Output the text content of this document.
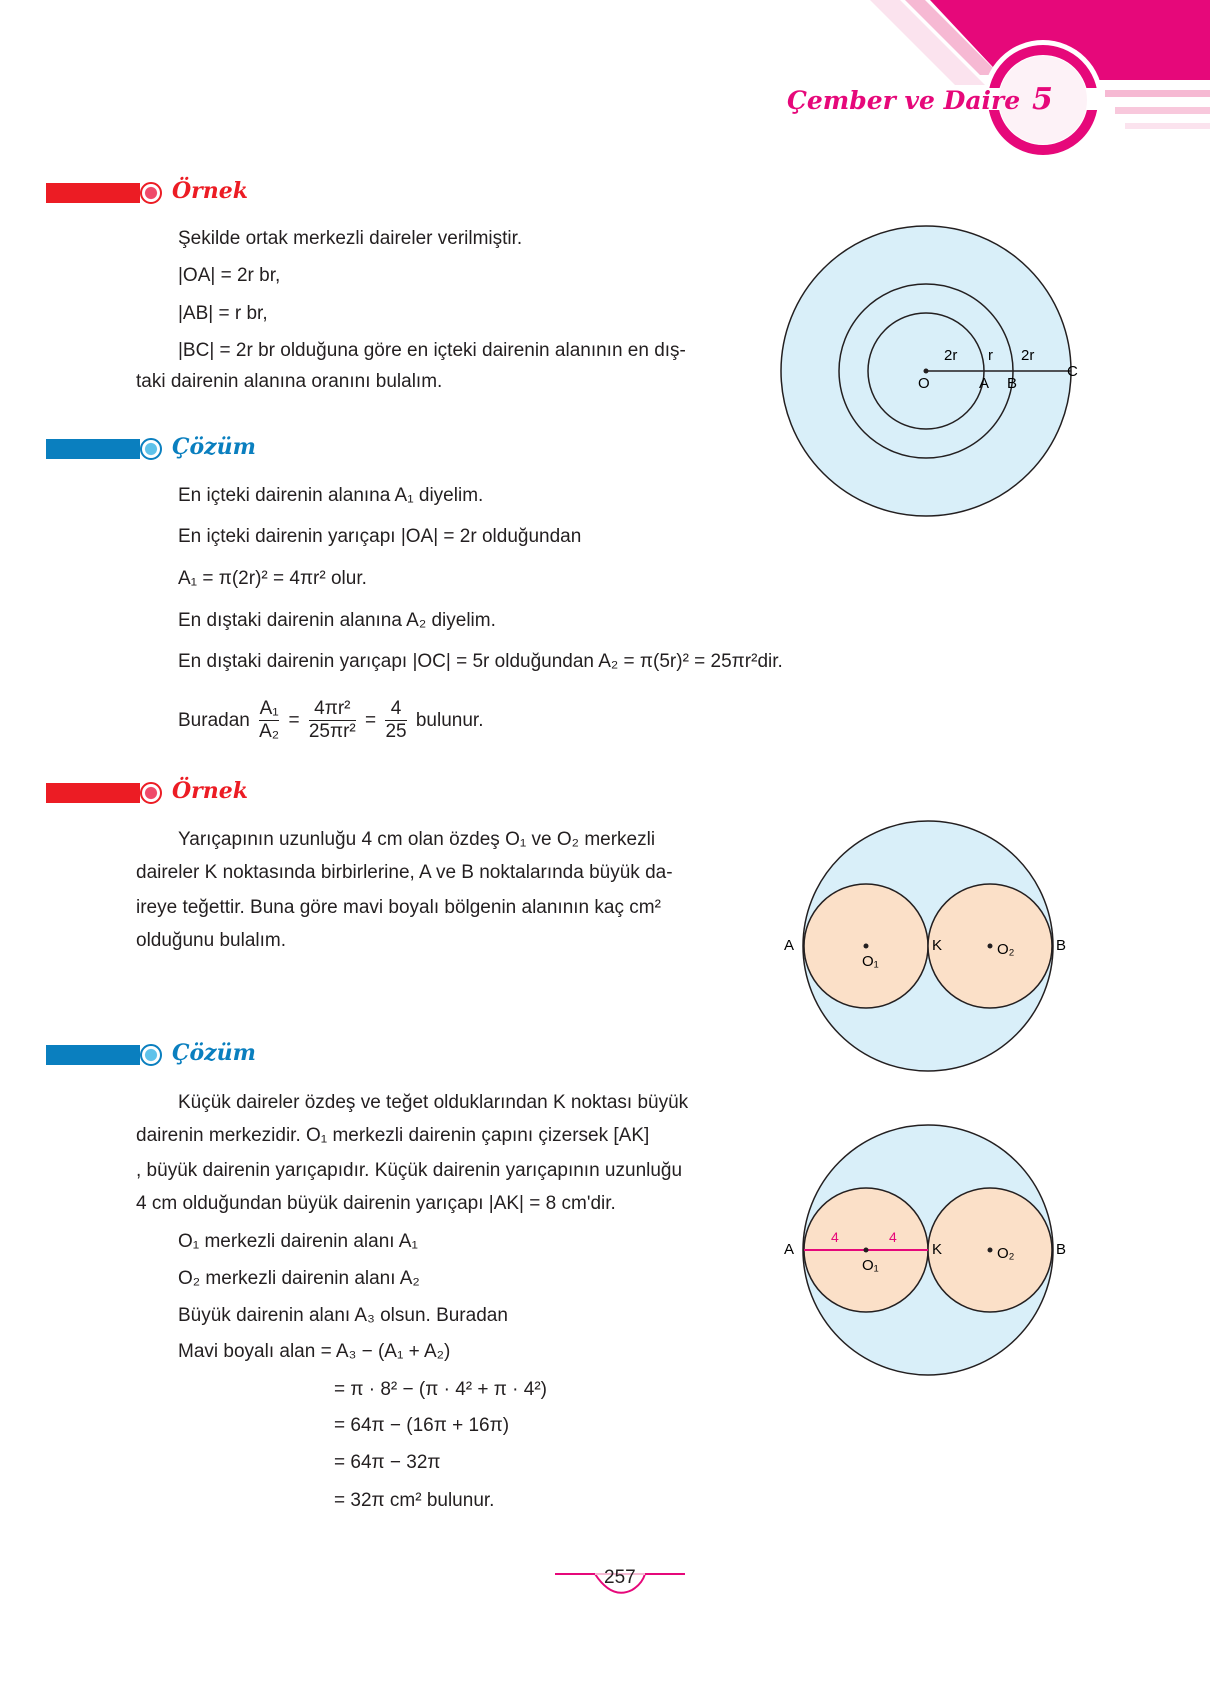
Çember ve Daire 5
Örnek
Şekilde ortak merkezli daireler verilmiştir.
|OA| = 2r br,
|AB| = r br,
|BC| = 2r br olduğuna göre en içteki dairenin alanının en dış-
taki dairenin alanına oranını bulalım.	O	A B
C
2r r 2r
Çözüm
En içteki dairenin alanına A₁ diyelim.
En içteki dairenin yarıçapı |OA| = 2r olduğundan
A₁ = π(2r)² = 4πr² olur.
En dıştaki dairenin alanına A₂ diyelim.
En dıştaki dairenin yarıçapı |OC| = 5r olduğundan A₂ = π(5r)² = 25πr²dir.
Buradan $\frac{\text{A₁}}{\text{A₂}} = \frac{\text{4πr²}}{\text{25πr²}} = \frac{4}{25}$ bulunur.
Örnek
Yarıçapının uzunluğu 4 cm olan özdeş O₁ ve O₂ merkezli
daireler K noktasında birbirlerine, A ve B noktalarında büyük da-
ireye teğettir. Buna göre mavi boyalı bölgenin alanının kaç cm²
olduğunu bulalım.	A
O₁
K	O₂	B
Çözüm
Küçük daireler özdeş ve teğet olduklarından K noktası büyük
dairenin merkezidir. O₁ merkezli dairenin çapını çizersek [AK]
, büyük dairenin yarıçapıdır. Küçük dairenin yarıçapının uzunluğu
4 cm olduğundan büyük dairenin yarıçapı |AK| = 8 cm'dir.
O₁ merkezli dairenin alanı A₁
O₂ merkezli dairenin alanı A₂
Büyük dairenin alanı A₃ olsun. Buradan
Mavi boyalı alan = A₃ − (A₁ + A₂)
= π · 8² − (π · 4² + π · 4²)
= 64π − (16π + 16π)
= 64π − 32π
= 32π cm² bulunur.
A
4	4
O₁
K	O₂	B
257
